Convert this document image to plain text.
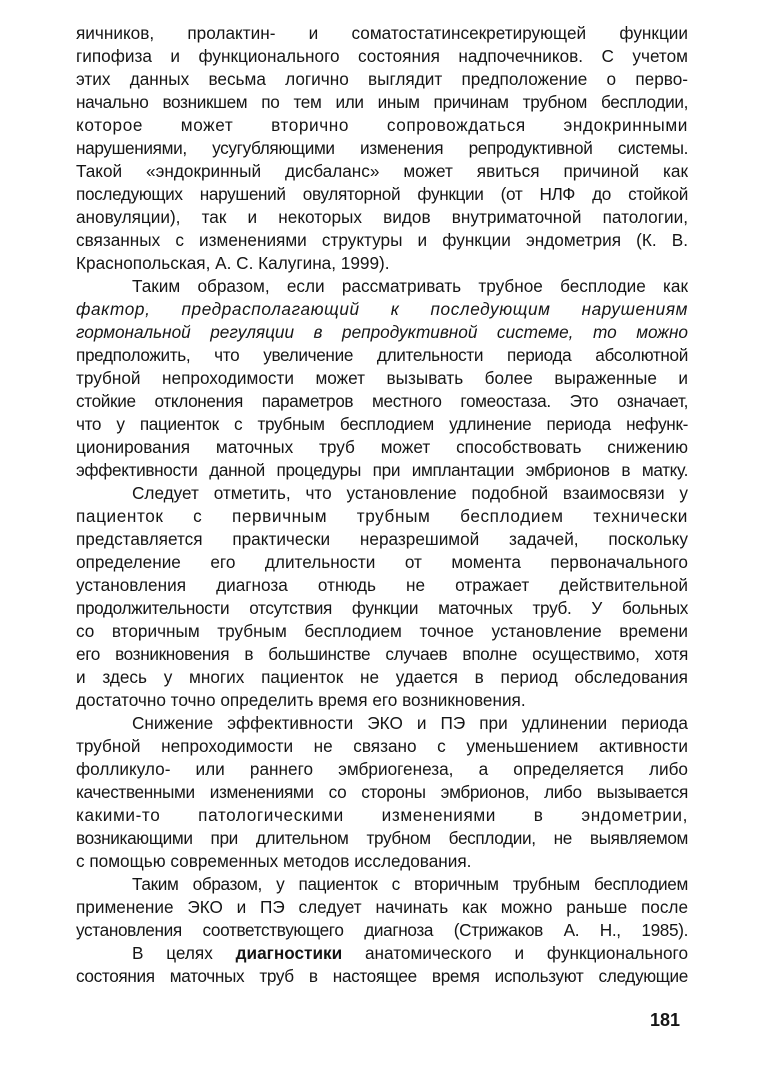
яичников, пролактин- и соматостатинсекретирующей функции
гипофиза и функционального состояния надпочечников. С учетом
этих данных весьма логично выглядит предположение о перво-
начально возникшем по тем или иным причинам трубном бесплодии,
которое может вторично сопровождаться эндокринными
нарушениями, усугубляющими изменения репродуктивной системы.
Такой «эндокринный дисбаланс» может явиться причиной как
последующих нарушений овуляторной функции (от НЛФ до стойкой
ановуляции), так и некоторых видов внутриматочной патологии,
связанных с изменениями структуры и функции эндометрия (К. В.
Краснопольская, А. С. Калугина, 1999).
Таким образом, если рассматривать трубное бесплодие как
фактор, предрасполагающий к последующим нарушениям
гормональной регуляции в репродуктивной системе, то можно
предположить, что увеличение длительности периода абсолютной
трубной непроходимости может вызывать более выраженные и
стойкие отклонения параметров местного гомеостаза. Это означает,
что у пациенток с трубным бесплодием удлинение периода нефунк-
ционирования маточных труб может способствовать снижению
эффективности данной процедуры при имплантации эмбрионов в матку.
Следует отметить, что установление подобной взаимосвязи у
пациенток с первичным трубным бесплодием технически
представляется практически неразрешимой задачей, поскольку
определение его длительности от момента первоначального
установления диагноза отнюдь не отражает действительной
продолжительности отсутствия функции маточных труб. У больных
со вторичным трубным бесплодием точное установление времени
его возникновения в большинстве случаев вполне осуществимо, хотя
и здесь у многих пациенток не удается в период обследования
достаточно точно определить время его возникновения.
Снижение эффективности ЭКО и ПЭ при удлинении периода
трубной непроходимости не связано с уменьшением активности
фолликуло- или раннего эмбриогенеза, а определяется либо
качественными изменениями со стороны эмбрионов, либо вызывается
какими-то патологическими изменениями в эндометрии,
возникающими при длительном трубном бесплодии, не выявляемом
с помощью современных методов исследования.
Таким образом, у пациенток с вторичным трубным бесплодием
применение ЭКО и ПЭ следует начинать как можно раньше после
установления соответствующего диагноза (Стрижаков А. Н., 1985).
В целях диагностики анатомического и функционального
состояния маточных труб в настоящее время используют следующие
181
